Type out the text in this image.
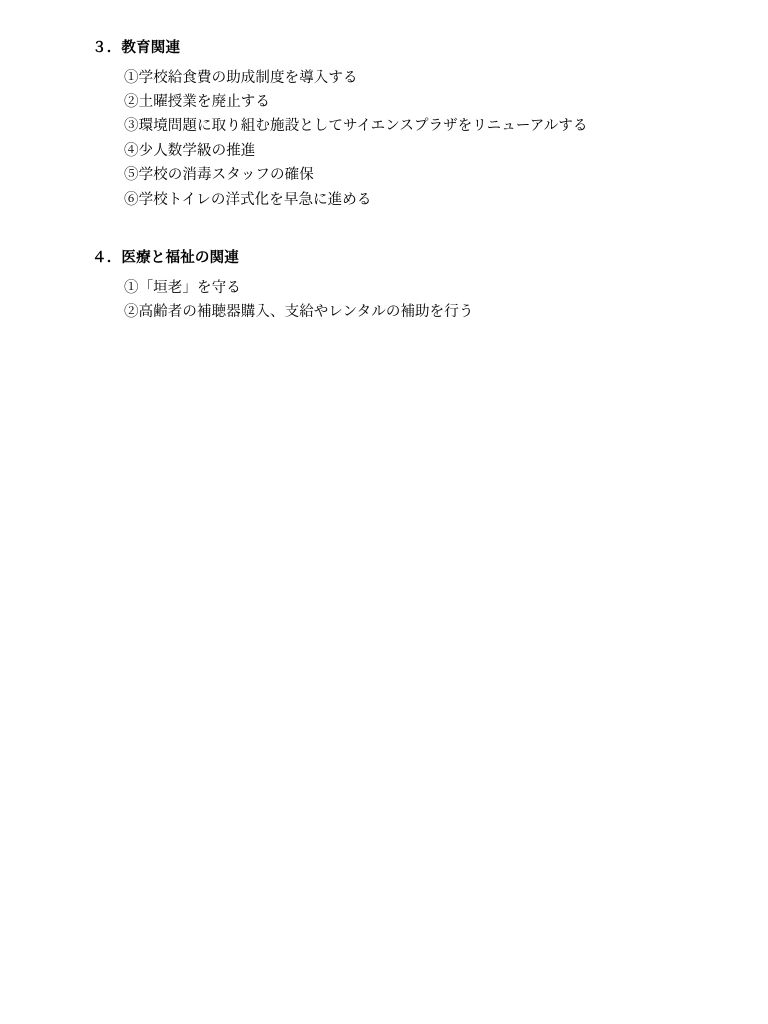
３．教育関連
①学校給食費の助成制度を導入する
②土曜授業を廃止する
③環境問題に取り組む施設としてサイエンスプラザをリニューアルする
④少人数学級の推進
⑤学校の消毒スタッフの確保
⑥学校トイレの洋式化を早急に進める
４．医療と福祉の関連
①「垣老」を守る
②高齢者の補聴器購入、支給やレンタルの補助を行う
